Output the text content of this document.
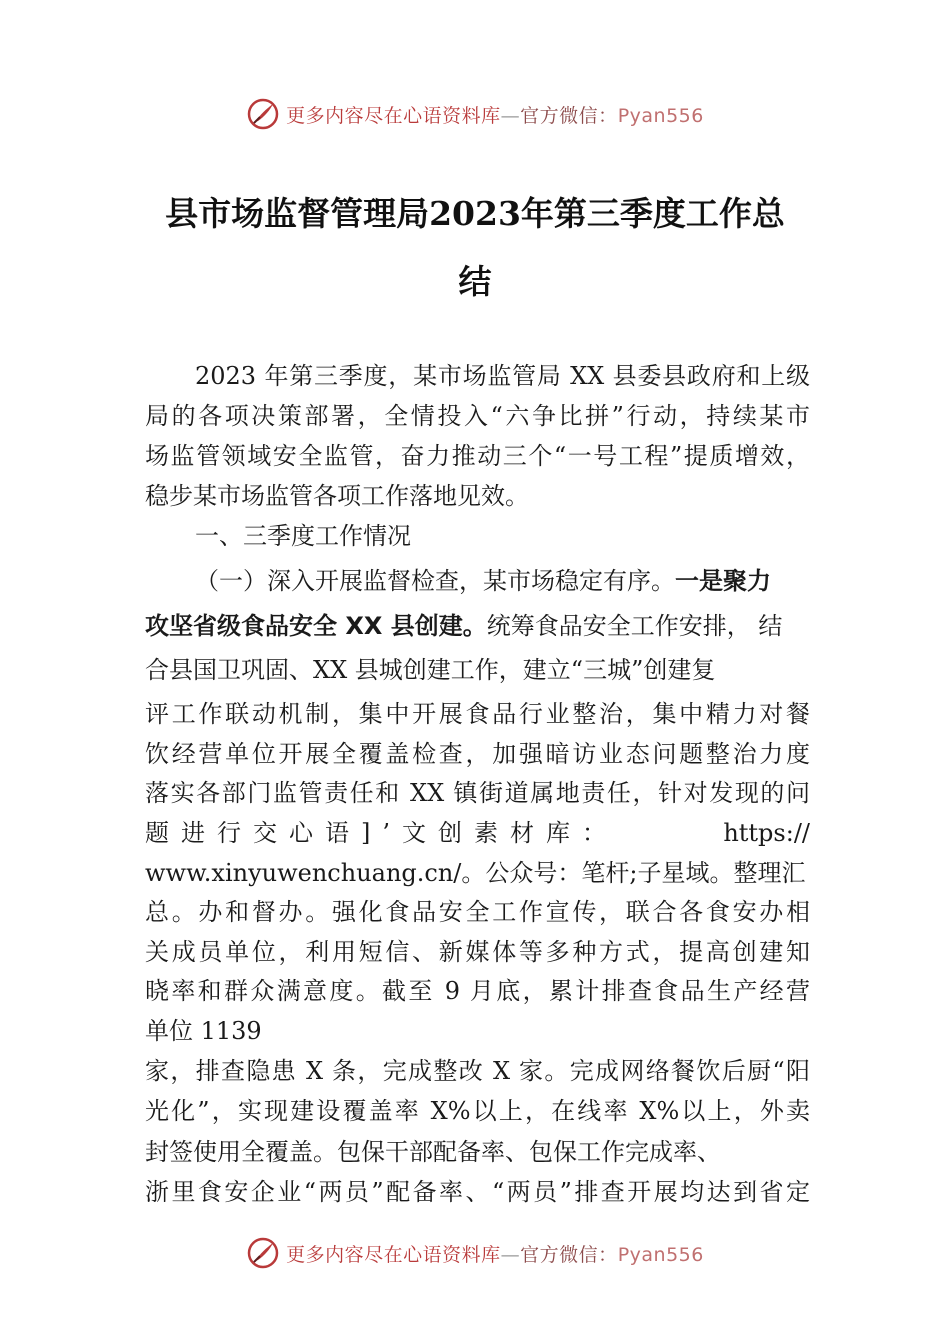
更多内容尽在心语资料库—官方微信：Pyan556
县市场监督管理局2023年第三季度工作总
结
2023 年第三季度，某市场监管局 XX 县委县政府和上级
局的各项决策部署，全情投入“六争比拼”行动，持续某市
场监管领域安全监管，奋力推动三个“一号工程”提质增效，
稳步某市场监管各项工作落地见效。
一、三季度工作情况
（一）深入开展监督检查，某市场稳定有序。一是聚力
攻坚省级食品安全 XX 县创建。统筹食品安全工作安排， 结
合县国卫巩固、XX 县城创建工作，建立“三城”创建复
评工作联动机制，集中开展食品行业整治，集中精力对餐
饮经营单位开展全覆盖检查，加强暗访业态问题整治力度
落实各部门监管责任和 XX 镇街道属地责任，针对发现的问
题进行交心语]’文创素材库：	https://
www.xinyuwenchuang.cn/。公众号：笔杆;子星域。整理汇
总。办和督办。强化食品安全工作宣传，联合各食安办相
关成员单位，利用短信、新媒体等多种方式，提高创建知
晓率和群众满意度。截至 9 月底，累计排查食品生产经营
单位 1139
家，排查隐患 X 条，完成整改 X 家。完成网络餐饮后厨“阳
光化”，实现建设覆盖率 X%以上，在线率 X%以上，外卖
封签使用全覆盖。包保干部配备率、包保工作完成率、
浙里食安企业“两员”配备率、“两员”排查开展均达到省定
更多内容尽在心语资料库—官方微信：Pyan556
